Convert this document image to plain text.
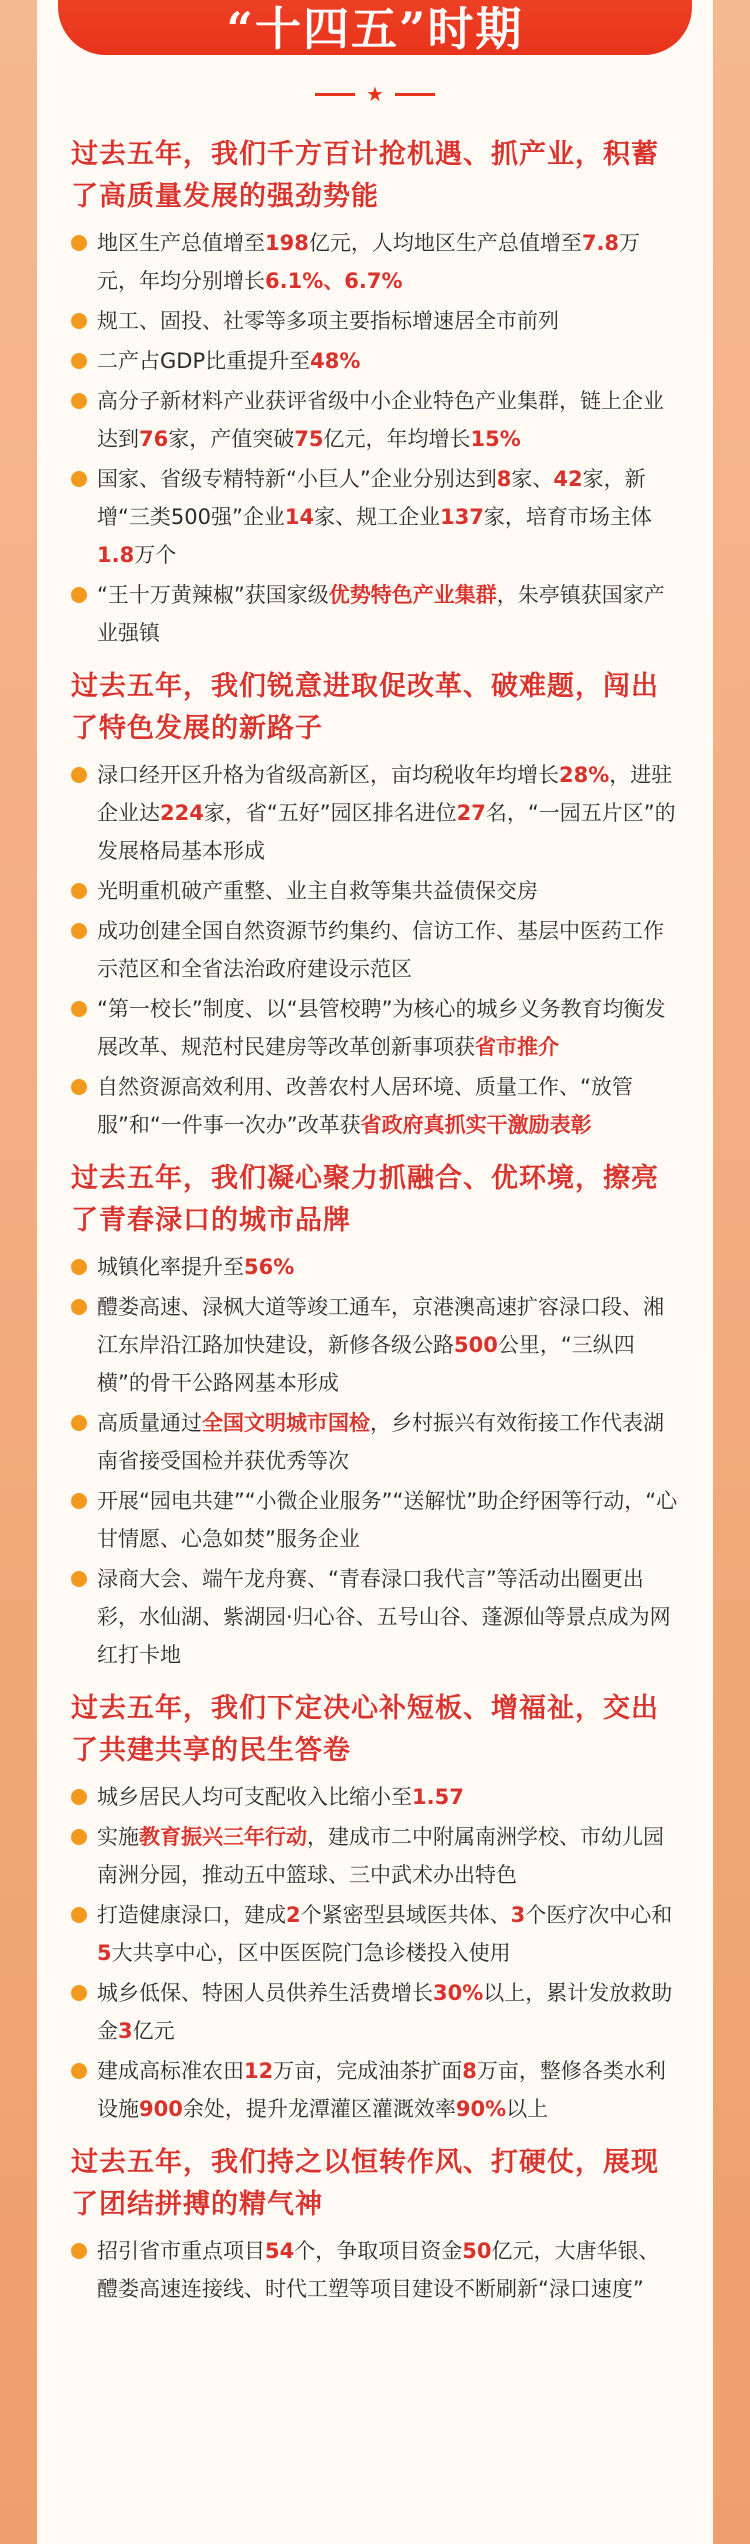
“十四五”时期
★
过去五年，我们千方百计抢机遇、抓产业，积蓄了高质量发展的强劲势能
地区生产总值增至198亿元，人均地区生产总值增至7.8万元，年均分别增长6.1%、6.7%
规工、固投、社零等多项主要指标增速居全市前列
二产占GDP比重提升至48%
高分子新材料产业获评省级中小企业特色产业集群，链上企业达到76家，产值突破75亿元，年均增长15%
国家、省级专精特新“小巨人”企业分别达到8家、42家，新增“三类500强”企业14家、规工企业137家，培育市场主体1.8万个
“王十万黄辣椒”获国家级优势特色产业集群，朱亭镇获国家产业强镇
过去五年，我们锐意进取促改革、破难题，闯出了特色发展的新路子
渌口经开区升格为省级高新区，亩均税收年均增长28%，进驻企业达224家，省“五好”园区排名进位27名，“一园五片区”的发展格局基本形成
光明重机破产重整、业主自救等集共益债保交房
成功创建全国自然资源节约集约、信访工作、基层中医药工作示范区和全省法治政府建设示范区
“第一校长”制度、以“县管校聘”为核心的城乡义务教育均衡发展改革、规范村民建房等改革创新事项获省市推介
自然资源高效利用、改善农村人居环境、质量工作、“放管服”和“一件事一次办”改革获省政府真抓实干激励表彰
过去五年，我们凝心聚力抓融合、优环境，擦亮了青春渌口的城市品牌
城镇化率提升至56%
醴娄高速、渌枫大道等竣工通车，京港澳高速扩容渌口段、湘江东岸沿江路加快建设，新修各级公路500公里，“三纵四横”的骨干公路网基本形成
高质量通过全国文明城市国检，乡村振兴有效衔接工作代表湖南省接受国检并获优秀等次
开展“园电共建”“小微企业服务”“送解忧”助企纾困等行动，“心甘情愿、心急如焚”服务企业
渌商大会、端午龙舟赛、“青春渌口我代言”等活动出圈更出彩，水仙湖、紫湖园·归心谷、五号山谷、蓬源仙等景点成为网红打卡地
过去五年，我们下定决心补短板、增福祉，交出了共建共享的民生答卷
城乡居民人均可支配收入比缩小至1.57
实施教育振兴三年行动，建成市二中附属南洲学校、市幼儿园南洲分园，推动五中篮球、三中武术办出特色
打造健康渌口，建成2个紧密型县域医共体、3个医疗次中心和5大共享中心，区中医医院门急诊楼投入使用
城乡低保、特困人员供养生活费增长30%以上，累计发放救助金3亿元
建成高标准农田12万亩，完成油茶扩面8万亩，整修各类水利设施900余处，提升龙潭灌区灌溉效率90%以上
过去五年，我们持之以恒转作风、打硬仗，展现了团结拼搏的精气神
招引省市重点项目54个，争取项目资金50亿元，大唐华银、醴娄高速连接线、时代工塑等项目建设不断刷新“渌口速度”
